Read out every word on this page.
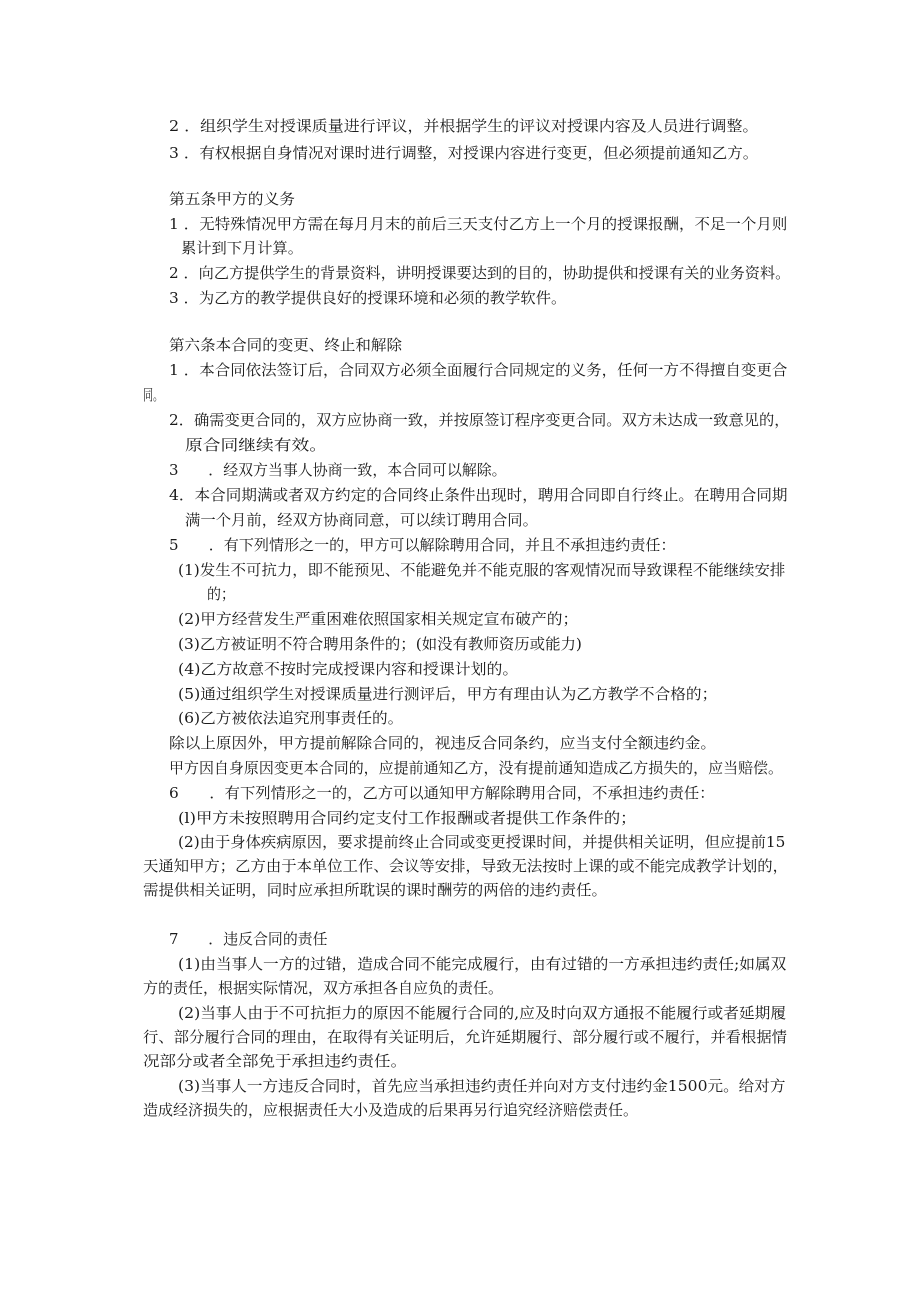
2 ．组织学生对授课质量进行评议，并根据学生的评议对授课内容及人员进行调整。
3 ．有权根据自身情况对课时进行调整，对授课内容进行变更，但必须提前通知乙方。
第五条甲方的义务
1 ．无特殊情况甲方需在每月月末的前后三天支付乙方上一个月的授课报酬，不足一个月则
累计到下月计算。
2 ．向乙方提供学生的背景资料，讲明授课要达到的目的，协助提供和授课有关的业务资料。
3 ．为乙方的教学提供良好的授课环境和必须的教学软件。
第六条本合同的变更、终止和解除
1 ．本合同依法签订后，合同双方必须全面履行合同规定的义务，任何一方不得擅自变更合
同。
2．确需变更合同的，双方应协商一致，并按原签订程序变更合同。双方未达成一致意见的，
原合同继续有效。
3　　．经双方当事人协商一致，本合同可以解除。
4．本合同期满或者双方约定的合同终止条件出现时，聘用合同即自行终止。在聘用合同期
满一个月前，经双方协商同意，可以续订聘用合同。
5　　．有下列情形之一的，甲方可以解除聘用合同，并且不承担违约责任：
(1)发生不可抗力，即不能预见、不能避免并不能克服的客观情况而导致课程不能继续安排
的；
(2)甲方经营发生严重困难依照国家相关规定宣布破产的；
(3)乙方被证明不符合聘用条件的；(如没有教师资历或能力)
(4)乙方故意不按时完成授课内容和授课计划的。
(5)通过组织学生对授课质量进行测评后，甲方有理由认为乙方教学不合格的；
(6)乙方被依法追究刑事责任的。
除以上原因外，甲方提前解除合同的，视违反合同条约，应当支付全额违约金。
甲方因自身原因变更本合同的，应提前通知乙方，没有提前通知造成乙方损失的，应当赔偿。
6　　．有下列情形之一的，乙方可以通知甲方解除聘用合同，不承担违约责任：
(l)甲方未按照聘用合同约定支付工作报酬或者提供工作条件的；
(2)由于身体疾病原因，要求提前终止合同或变更授课时间，并提供相关证明，但应提前15
天通知甲方；乙方由于本单位工作、会议等安排，导致无法按时上课的或不能完成教学计划的，
需提供相关证明，同时应承担所耽误的课时酬劳的两倍的违约责任。
7　　．违反合同的责任
(1)由当事人一方的过错，造成合同不能完成履行，由有过错的一方承担违约责任;如属双
方的责任，根据实际情况，双方承担各自应负的责任。
(2)当事人由于不可抗拒力的原因不能履行合同的,应及时向双方通报不能履行或者延期履
行、部分履行合同的理由，在取得有关证明后，允许延期履行、部分履行或不履行，并看根据情
况部分或者全部免于承担违约责任。
(3)当事人一方违反合同时，首先应当承担违约责任并向对方支付违约金1500元。给对方
造成经济损失的，应根据责任大小及造成的后果再另行追究经济赔偿责任。
